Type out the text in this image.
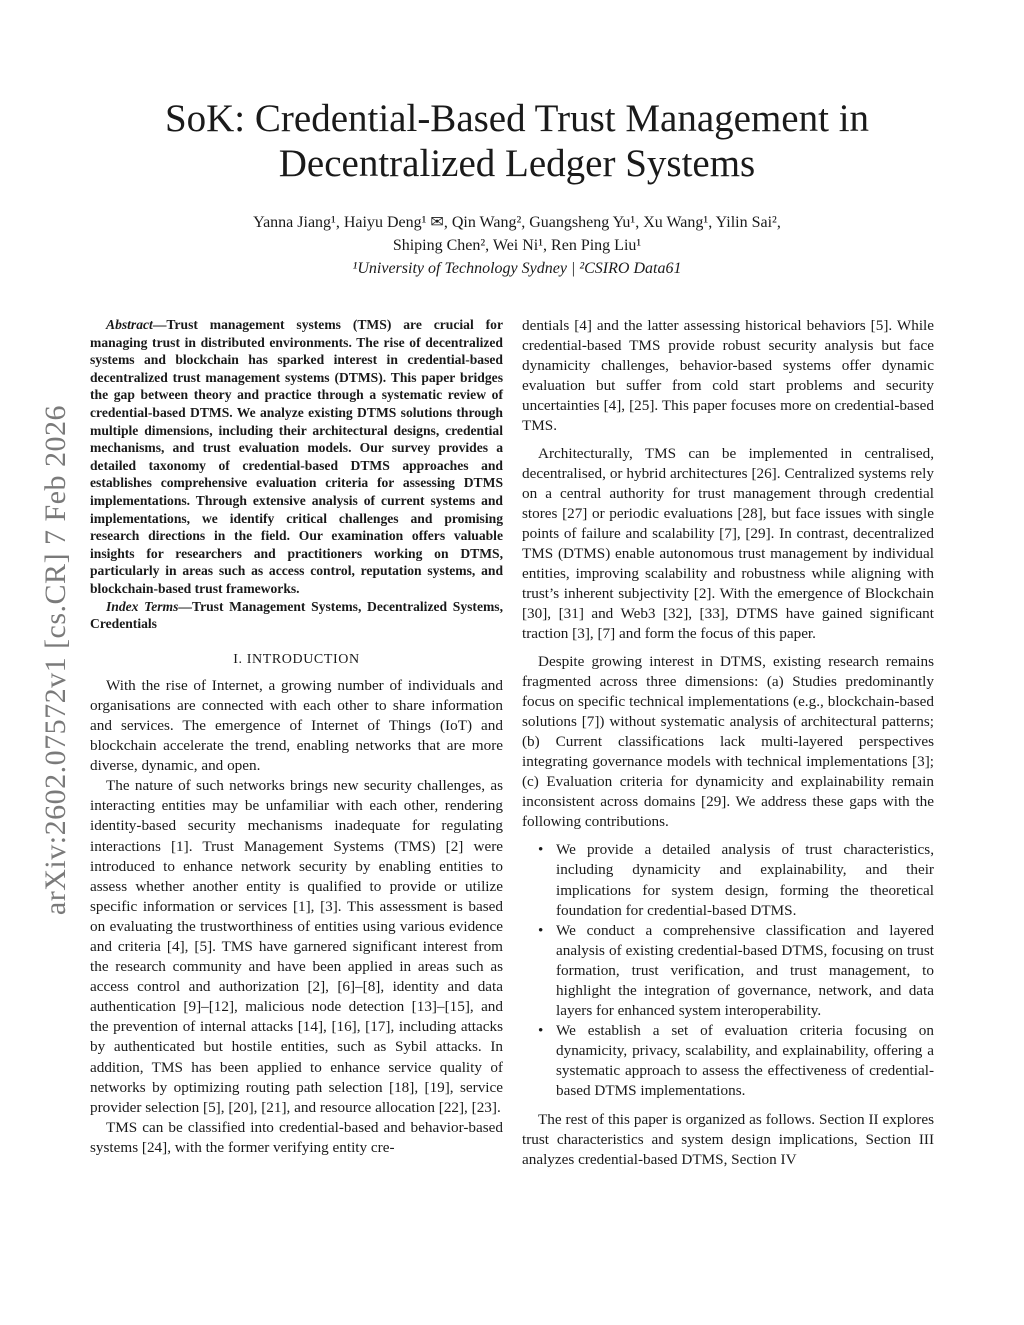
arXiv:2602.07572v1 [cs.CR] 7 Feb 2026
SoK: Credential-Based Trust Management in
Decentralized Ledger Systems
Yanna Jiang¹, Haiyu Deng¹ ✉, Qin Wang², Guangsheng Yu¹, Xu Wang¹, Yilin Sai²,
Shiping Chen², Wei Ni¹, Ren Ping Liu¹
¹University of Technology Sydney | ²CSIRO Data61

Abstract—Trust management systems (TMS) are crucial for managing trust in distributed environments. The rise of decentralized systems and blockchain has sparked interest in credential-based decentralized trust management systems (DTMS). This paper bridges the gap between theory and practice through a systematic review of credential-based DTMS. We analyze existing DTMS solutions through multiple dimensions, including their architectural designs, credential mechanisms, and trust evaluation models. Our survey provides a detailed taxonomy of credential-based DTMS approaches and establishes comprehensive evaluation criteria for assessing DTMS implementations. Through extensive analysis of current systems and implementations, we identify critical challenges and promising research directions in the field. Our examination offers valuable insights for researchers and practitioners working on DTMS, particularly in areas such as access control, reputation systems, and blockchain-based trust frameworks.

Index Terms—Trust Management Systems, Decentralized Systems, Credentials

I. INTRODUCTION

With the rise of Internet, a growing number of individuals and organisations are connected with each other to share information and services. The emergence of Internet of Things (IoT) and blockchain accelerate the trend, enabling networks that are more diverse, dynamic, and open.

The nature of such networks brings new security challenges, as interacting entities may be unfamiliar with each other, rendering identity-based security mechanisms inadequate for regulating interactions [1]. Trust Management Systems (TMS) [2] were introduced to enhance network security by enabling entities to assess whether another entity is qualified to provide or utilize specific information or services [1], [3]. This assessment is based on evaluating the trustworthiness of entities using various evidence and criteria [4], [5]. TMS have garnered significant interest from the research community and have been applied in areas such as access control and authorization [2], [6]–[8], identity and data authentication [9]–[12], malicious node detection [13]–[15], and the prevention of internal attacks [14], [16], [17], including attacks by authenticated but hostile entities, such as Sybil attacks. In addition, TMS has been applied to enhance service quality of networks by optimizing routing path selection [18], [19], service provider selection [5], [20], [21], and resource allocation [22], [23].

TMS can be classified into credential-based and behavior-based systems [24], with the former verifying entity cre-

dentials [4] and the latter assessing historical behaviors [5]. While credential-based TMS provide robust security analysis but face dynamicity challenges, behavior-based systems offer dynamic evaluation but suffer from cold start problems and security uncertainties [4], [25]. This paper focuses more on credential-based TMS.

Architecturally, TMS can be implemented in centralised, decentralised, or hybrid architectures [26]. Centralized systems rely on a central authority for trust management through credential stores [27] or periodic evaluations [28], but face issues with single points of failure and scalability [7], [29]. In contrast, decentralized TMS (DTMS) enable autonomous trust management by individual entities, improving scalability and robustness while aligning with trust’s inherent subjectivity [2]. With the emergence of Blockchain [30], [31] and Web3 [32], [33], DTMS have gained significant traction [3], [7] and form the focus of this paper.

Despite growing interest in DTMS, existing research remains fragmented across three dimensions: (a) Studies predominantly focus on specific technical implementations (e.g., blockchain-based solutions [7]) without systematic analysis of architectural patterns; (b) Current classifications lack multi-layered perspectives integrating governance models with technical implementations [3]; (c) Evaluation criteria for dynamicity and explainability remain inconsistent across domains [29]. We address these gaps with the following contributions.

• We provide a detailed analysis of trust characteristics, including dynamicity and explainability, and their implications for system design, forming the theoretical foundation for credential-based DTMS.
• We conduct a comprehensive classification and layered analysis of existing credential-based DTMS, focusing on trust formation, trust verification, and trust management, to highlight the integration of governance, network, and data layers for enhanced system interoperability.
• We establish a set of evaluation criteria focusing on dynamicity, privacy, scalability, and explainability, offering a systematic approach to assess the effectiveness of credential-based DTMS implementations.

The rest of this paper is organized as follows. Section II explores trust characteristics and system design implications, Section III analyzes credential-based DTMS, Section IV
